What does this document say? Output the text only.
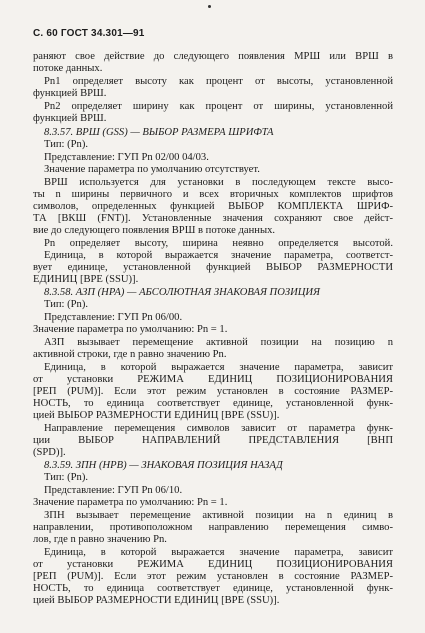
С. 60 ГОСТ 34.301—91
раняют свое действие до следующего появления МРШ или ВРШ в
потоке данных.
Pn1 определяет высоту как процент от высоты, установленной
функцией ВРШ.
Pn2 определяет ширину как процент от ширины, установленной
функцией ВРШ.
8.3.57. ВРШ (GSS) — ВЫБОР РАЗМЕРА ШРИФТА
Тип: (Pn).
Представление: ГУП Pn 02/00 04/03.
Значение параметра по умолчанию отсутствует.
ВРШ используется для установки в последующем тексте высо-
ты n ширины первичного и всех вторичных комплектов шрифтов
символов, определенных функцией ВЫБОР КОМПЛЕКТА ШРИФ-
ТА [ВКШ (FNT)]. Установленные значения сохраняют свое дейст-
вие до следующего появления ВРШ в потоке данных.
Pn определяет высоту, ширина неявно определяется высотой.
Единица, в которой выражается значение параметра, соответст-
вует единице, установленной функцией ВЫБОР РАЗМЕРНОСТИ
ЕДИНИЦ [ВРЕ (SSU)].
8.3.58. АЗП (НРА) — АБСОЛЮТНАЯ ЗНАКОВАЯ ПОЗИЦИЯ
Тип: (Pn).
Представление: ГУП Pn 06/00.
Значение параметра по умолчанию: Pn = 1.
АЗП вызывает перемещение активной позиции на позицию n
активной строки, где n равно значению Pn.
Единица, в которой выражается значение параметра, зависит
от установки РЕЖИМА ЕДИНИЦ ПОЗИЦИОНИРОВАНИЯ
[РЕП (PUM)]. Если этот режим установлен в состояние РАЗМЕР-
НОСТЬ, то единица соответствует единице, установленной функ-
цией ВЫБОР РАЗМЕРНОСТИ ЕДИНИЦ [ВРЕ (SSU)].
Направление перемещения символов зависит от параметра функ-
ции ВЫБОР НАПРАВЛЕНИЙ ПРЕДСТАВЛЕНИЯ [ВНП
(SPD)].
8.3.59. ЗПН (НРВ) — ЗНАКОВАЯ ПОЗИЦИЯ НАЗАД
Тип: (Pn).
Представление: ГУП Pn 06/10.
Значение параметра по умолчанию: Pn = 1.
ЗПН вызывает перемещение активной позиции на n единиц в
направлении, противоположном направлению перемещения симво-
лов, где n равно значению Pn.
Единица, в которой выражается значение параметра, зависит
от установки РЕЖИМА ЕДИНИЦ ПОЗИЦИОНИРОВАНИЯ
[РЕП (PUM)]. Если этот режим установлен в состояние РАЗМЕР-
НОСТЬ, то единица соответствует единице, установленной функ-
цией ВЫБОР РАЗМЕРНОСТИ ЕДИНИЦ [ВРЕ (SSU)].
